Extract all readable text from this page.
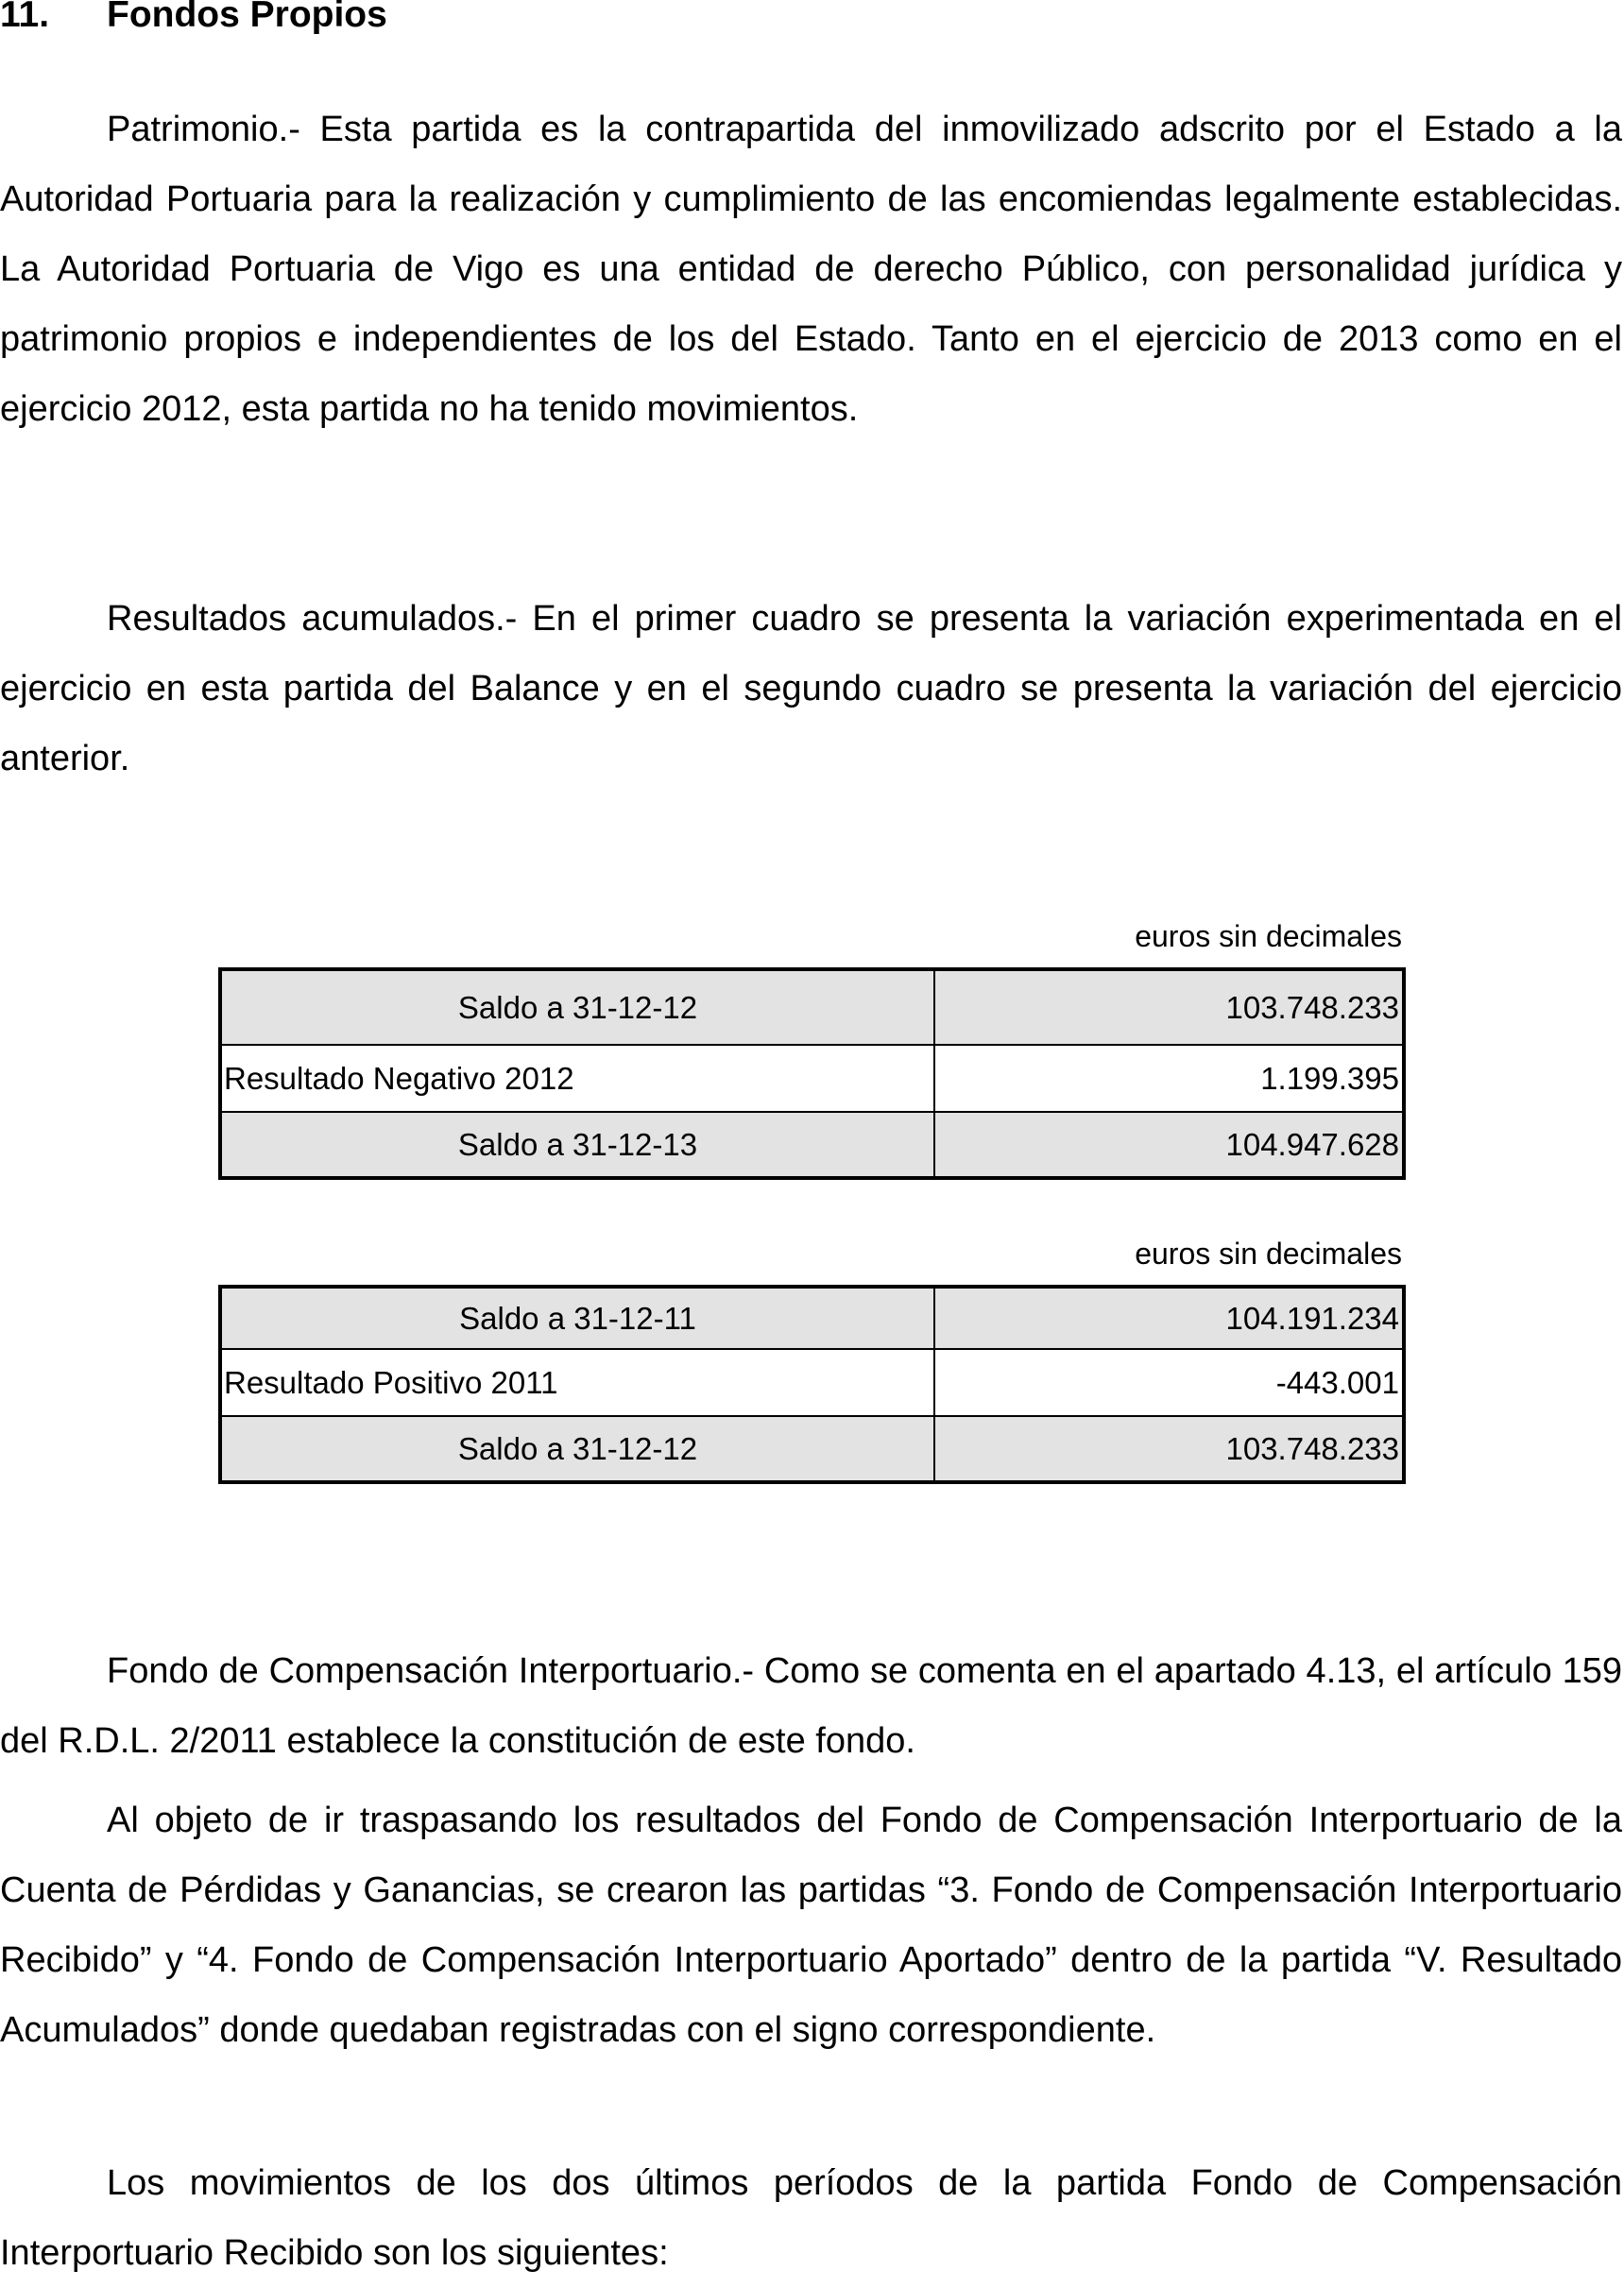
11. Fondos Propios

Patrimonio.- Esta partida es la contrapartida del inmovilizado adscrito por el Estado a la Autoridad Portuaria para la realización y cumplimiento de las encomiendas legalmente establecidas. La Autoridad Portuaria de Vigo es una entidad de derecho Público, con personalidad jurídica y patrimonio propios e independientes de los del Estado. Tanto en el ejercicio de 2013 como en el ejercicio 2012, esta partida no ha tenido movimientos.

Resultados acumulados.- En el primer cuadro se presenta la variación experimentada en el ejercicio en esta partida del Balance y en el segundo cuadro se presenta la variación del ejercicio anterior.

euros sin decimales
Saldo a 31-12-12	103.748.233
Resultado Negativo 2012	1.199.395
Saldo a 31-12-13	104.947.628
euros sin decimales
Saldo a 31-12-11	104.191.234
Resultado Positivo 2011	-443.001
Saldo a 31-12-12	103.748.233

Fondo de Compensación Interportuario.- Como se comenta en el apartado 4.13, el artículo 159 del R.D.L. 2/2011 establece la constitución de este fondo.

Al objeto de ir traspasando los resultados del Fondo de Compensación Interportuario de la Cuenta de Pérdidas y Ganancias, se crearon las partidas “3. Fondo de Compensación Interportuario Recibido” y “4. Fondo de Compensación Interportuario Aportado” dentro de la partida “V. Resultado Acumulados” donde quedaban registradas con el signo correspondiente.

Los movimientos de los dos últimos períodos de la partida Fondo de Compensación Interportuario Recibido son los siguientes:
